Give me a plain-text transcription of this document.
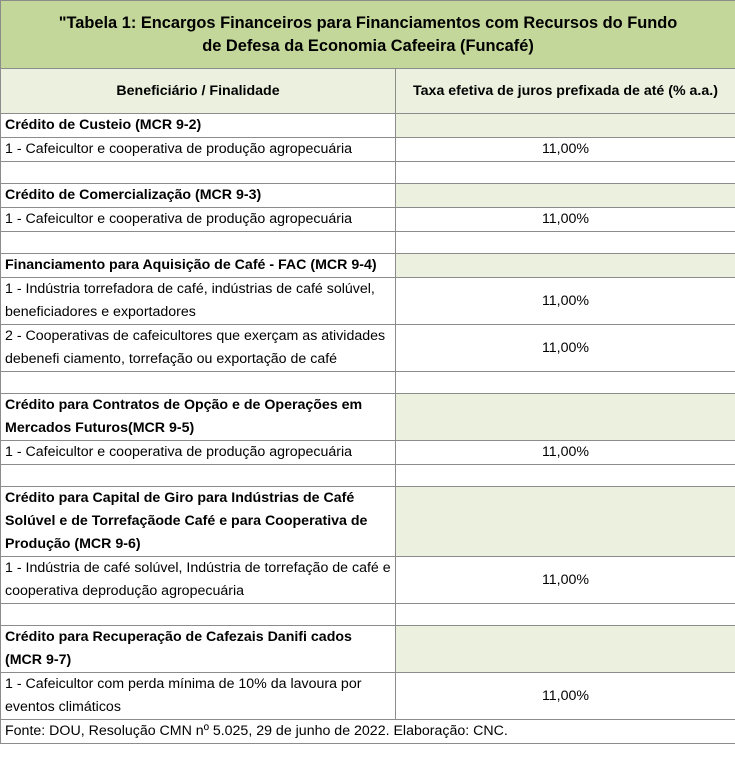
"Tabela 1: Encargos Financeiros para Financiamentos com Recursos do Fundo
de Defesa da Economia Cafeeira (Funcafé)	

Beneficiário / Finalidade	Taxa efetiva de juros prefixada de até (% a.a.)
Crédito de Custeio (MCR 9-2)	
1 - Cafeicultor e cooperativa de produção agropecuária	11,00%

Crédito de Comercialização (MCR 9-3)	
1 - Cafeicultor e cooperativa de produção agropecuária	11,00%

Financiamento para Aquisição de Café - FAC (MCR 9-4)	
1 - Indústria torrefadora de café, indústrias de café solúvel, beneficiadores e exportadores	11,00%
2 - Cooperativas de cafeicultores que exerçam as atividades debenefi ciamento, torrefação ou exportação de café	11,00%

Crédito para Contratos de Opção e de Operações em Mercados Futuros(MCR 9-5)	
1 - Cafeicultor e cooperativa de produção agropecuária	11,00%

Crédito para Capital de Giro para Indústrias de Café Solúvel e de Torrefaçãode Café e para Cooperativa de Produção (MCR 9-6)	
1 - Indústria de café solúvel, Indústria de torrefação de café e cooperativa deprodução agropecuária	11,00%

Crédito para Recuperação de Cafezais Danifi cados (MCR 9-7)	
1 - Cafeicultor com perda mínima de 10% da lavoura por eventos climáticos	11,00%
Fonte: DOU, Resolução CMN nº 5.025, 29 de junho de 2022. Elaboração: CNC.	
